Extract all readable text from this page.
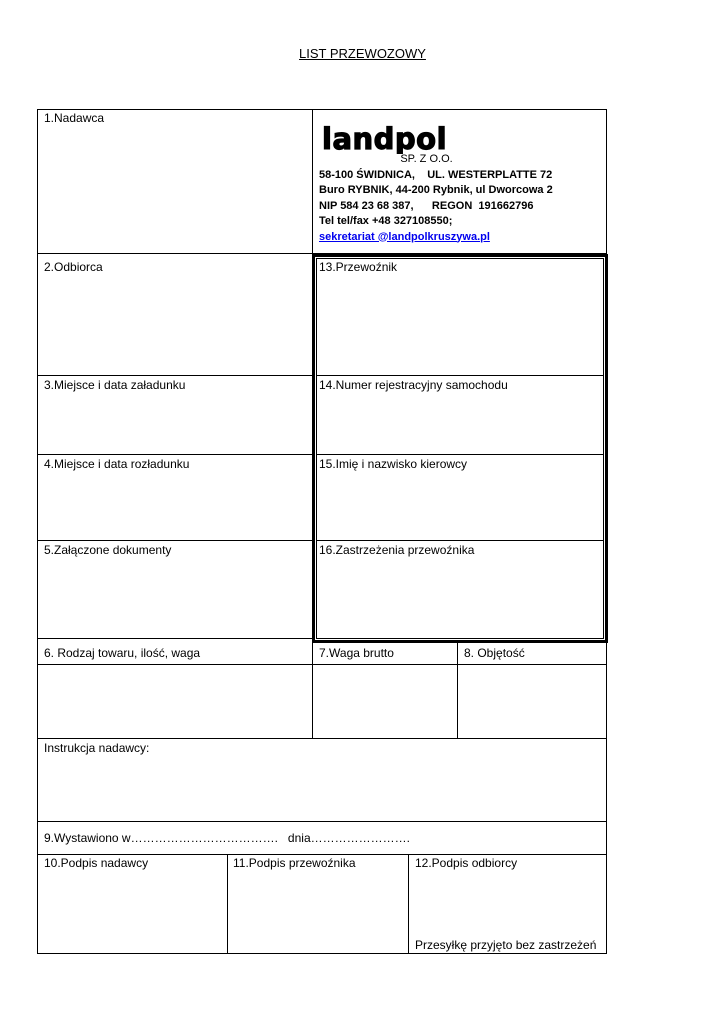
LIST PRZEWOZOWY
1.Nadawca
landpol
SP. Z O.O.
58-100 ŚWIDNICA,    UL. WESTERPLATTE 72
Buro RYBNIK, 44-200 Rybnik, ul Dworcowa 2
NIP 584 23 68 387,      REGON  191662796
Tel tel/fax +48 327108550;
sekretariat @landpolkruszywa.pl
2.Odbiorca
3.Miejsce i data załadunku
4.Miejsce i data rozładunku
5.Załączone dokumenty
13.Przewoźnik
14.Numer rejestracyjny samochodu
15.Imię i nazwisko kierowcy
16.Zastrzeżenia przewoźnika
6. Rodzaj towaru, ilość, waga	7.Waga brutto	8. Objętość
Instrukcja nadawcy:
9.Wystawiono w……………………………….   dnia…………………….
10.Podpis nadawcy	11.Podpis przewoźnika	12.Podpis odbiorcy
Przesyłkę przyjęto bez zastrzeżeń
